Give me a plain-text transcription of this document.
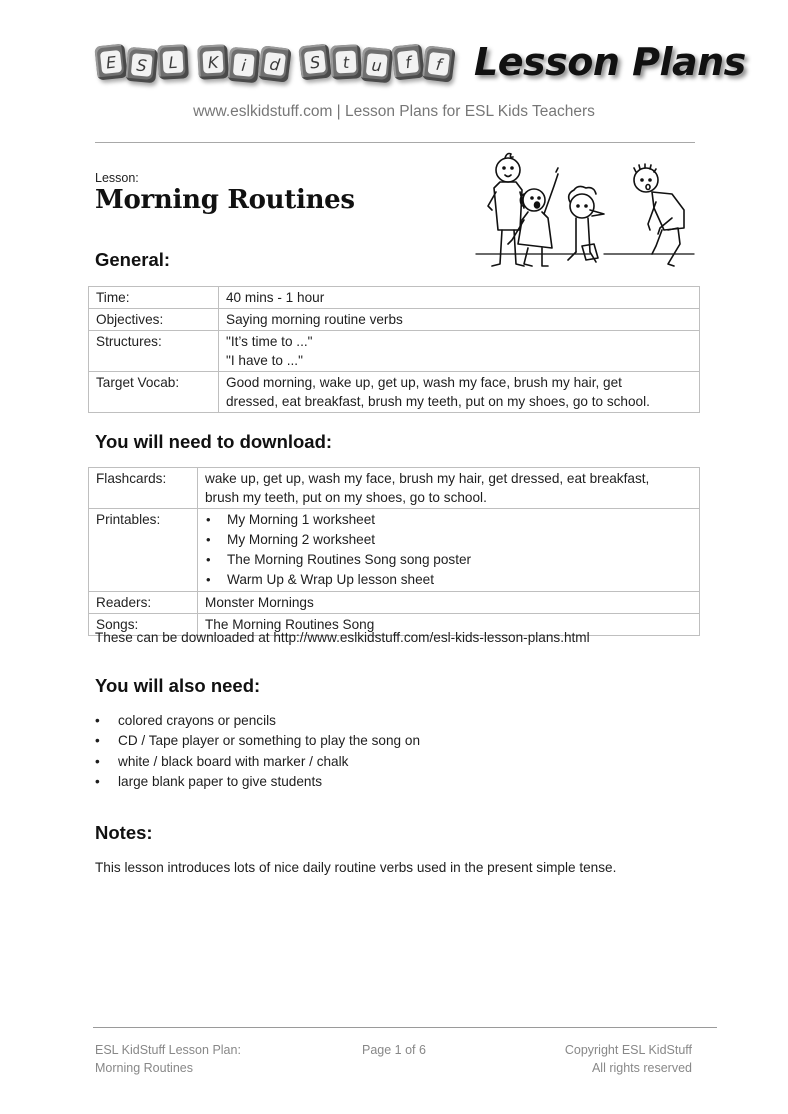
E	S	L	K	i	d	S	t	u	f	f Lesson Plans
www.eslkidstuff.com | Lesson Plans for ESL Kids Teachers
Lesson:
Morning Routines
General:
Time:	40 mins - 1 hour
Objectives:	Saying morning routine verbs
Structures:	"It’s time to ..."
"I have to ..."

Target Vocab:	Good morning, wake up, get up, wash my face, brush my hair, get
dressed, eat breakfast, brush my teeth, put on my shoes, go to school.
You will need to download:
Flashcards:	wake up, get up, wash my face, brush my hair, get dressed, eat breakfast,
brush my teeth, put on my shoes, go to school.

Printables:	
•My Morning 1 worksheet
• My Morning 2 worksheet
• The Morning Routines Song song poster
• Warm Up & Wrap Up lesson sheet

Readers:	Monster Mornings
Songs:	The Morning Routines Song
These can be downloaded at http://www.eslkidstuff.com/esl-kids-lesson-plans.html
You will also need:
• colored crayons or pencils
• CD / Tape player or something to play the song on
• white / black board with marker / chalk
• large blank paper to give students
Notes:
This lesson introduces lots of nice daily routine verbs used in the present simple tense.
ESL KidStuff Lesson Plan:
Morning Routines
Page 1 of 6	Copyright ESL KidStuff
All rights reserved
